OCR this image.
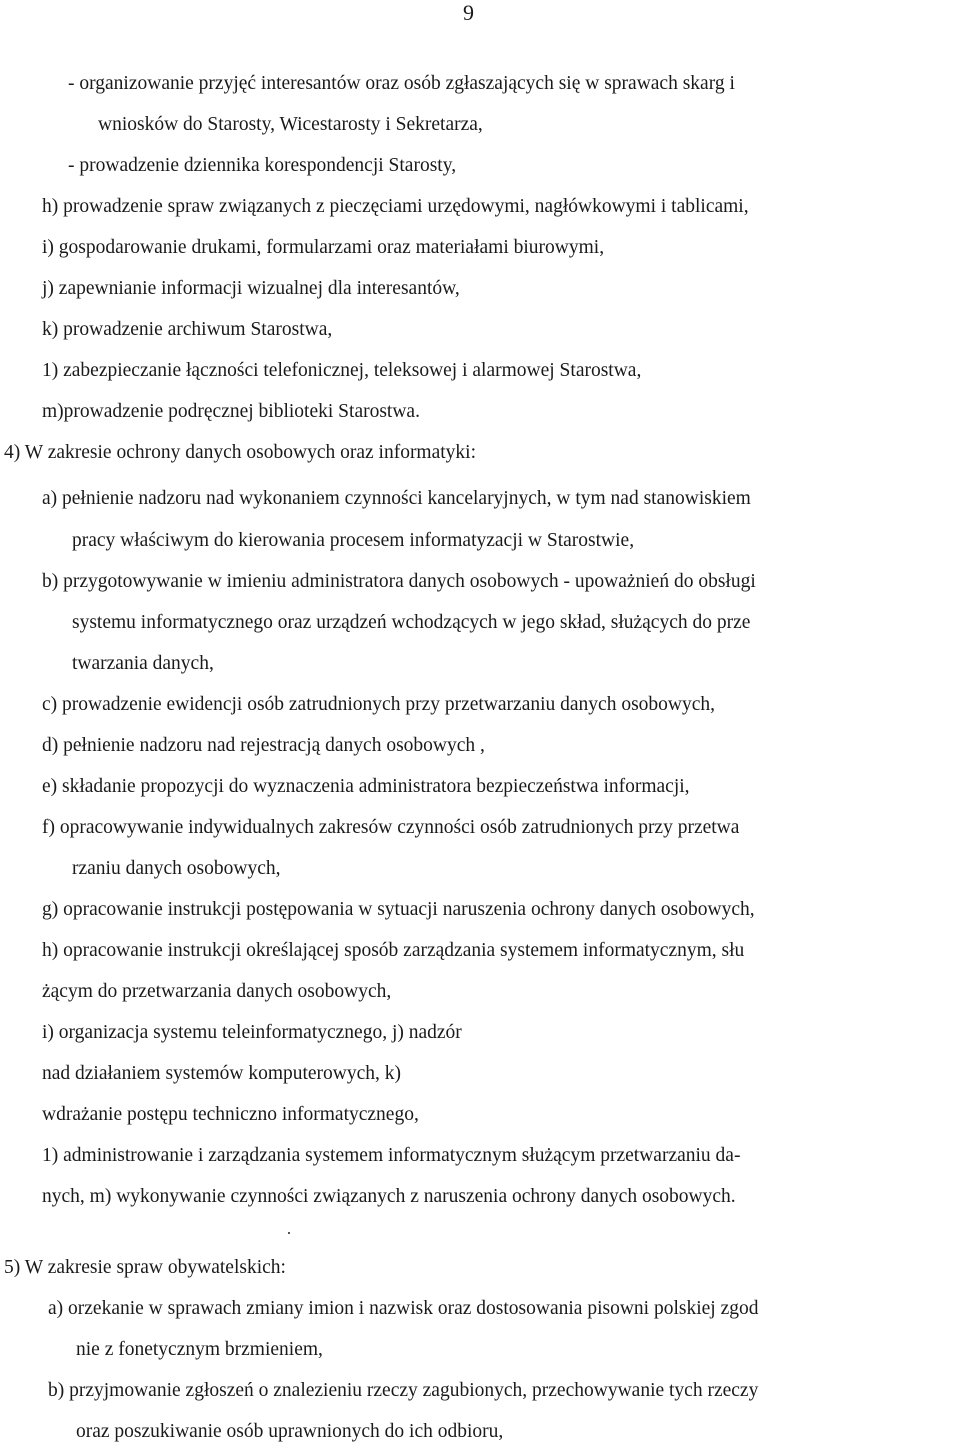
9
- organizowanie przyjęć interesantów oraz osób zgłaszających się w sprawach skarg i
wniosków do Starosty, Wicestarosty i Sekretarza,
- prowadzenie dziennika korespondencji Starosty,
h) prowadzenie spraw związanych z pieczęciami urzędowymi, nagłówkowymi i tablicami,
i) gospodarowanie drukami, formularzami oraz materiałami biurowymi,
j) zapewnianie informacji wizualnej dla interesantów,
k) prowadzenie archiwum Starostwa,
1) zabezpieczanie łączności telefonicznej, teleksowej i alarmowej Starostwa,
m)prowadzenie podręcznej biblioteki Starostwa.
4) W zakresie ochrony danych osobowych oraz informatyki:
a) pełnienie nadzoru nad wykonaniem czynności kancelaryjnych, w tym nad stanowiskiem
pracy właściwym do kierowania procesem informatyzacji w Starostwie,
b) przygotowywanie w imieniu administratora danych osobowych - upoważnień do obsługi
systemu informatycznego oraz urządzeń wchodzących w jego skład, służących do prze
twarzania danych,
c) prowadzenie ewidencji osób zatrudnionych przy przetwarzaniu danych osobowych,
d) pełnienie nadzoru nad rejestracją danych osobowych ,
e) składanie propozycji do wyznaczenia administratora bezpieczeństwa informacji,
f) opracowywanie indywidualnych zakresów czynności osób zatrudnionych przy przetwa
rzaniu danych osobowych,
g) opracowanie instrukcji postępowania w sytuacji naruszenia ochrony danych osobowych,
h) opracowanie instrukcji określającej sposób zarządzania systemem informatycznym, słu
żącym do przetwarzania danych osobowych,
i) organizacja systemu teleinformatycznego, j) nadzór
nad działaniem systemów komputerowych, k)
wdrażanie postępu techniczno informatycznego,
1) administrowanie i zarządzania systemem informatycznym służącym przetwarzaniu da-
nych, m) wykonywanie czynności związanych z naruszenia ochrony danych osobowych.
5) W zakresie spraw obywatelskich:
a) orzekanie w sprawach zmiany imion i nazwisk oraz dostosowania pisowni polskiej zgod
nie z fonetycznym brzmieniem,
b) przyjmowanie zgłoszeń o znalezieniu rzeczy zagubionych, przechowywanie tych rzeczy
oraz poszukiwanie osób uprawnionych do ich odbioru,
